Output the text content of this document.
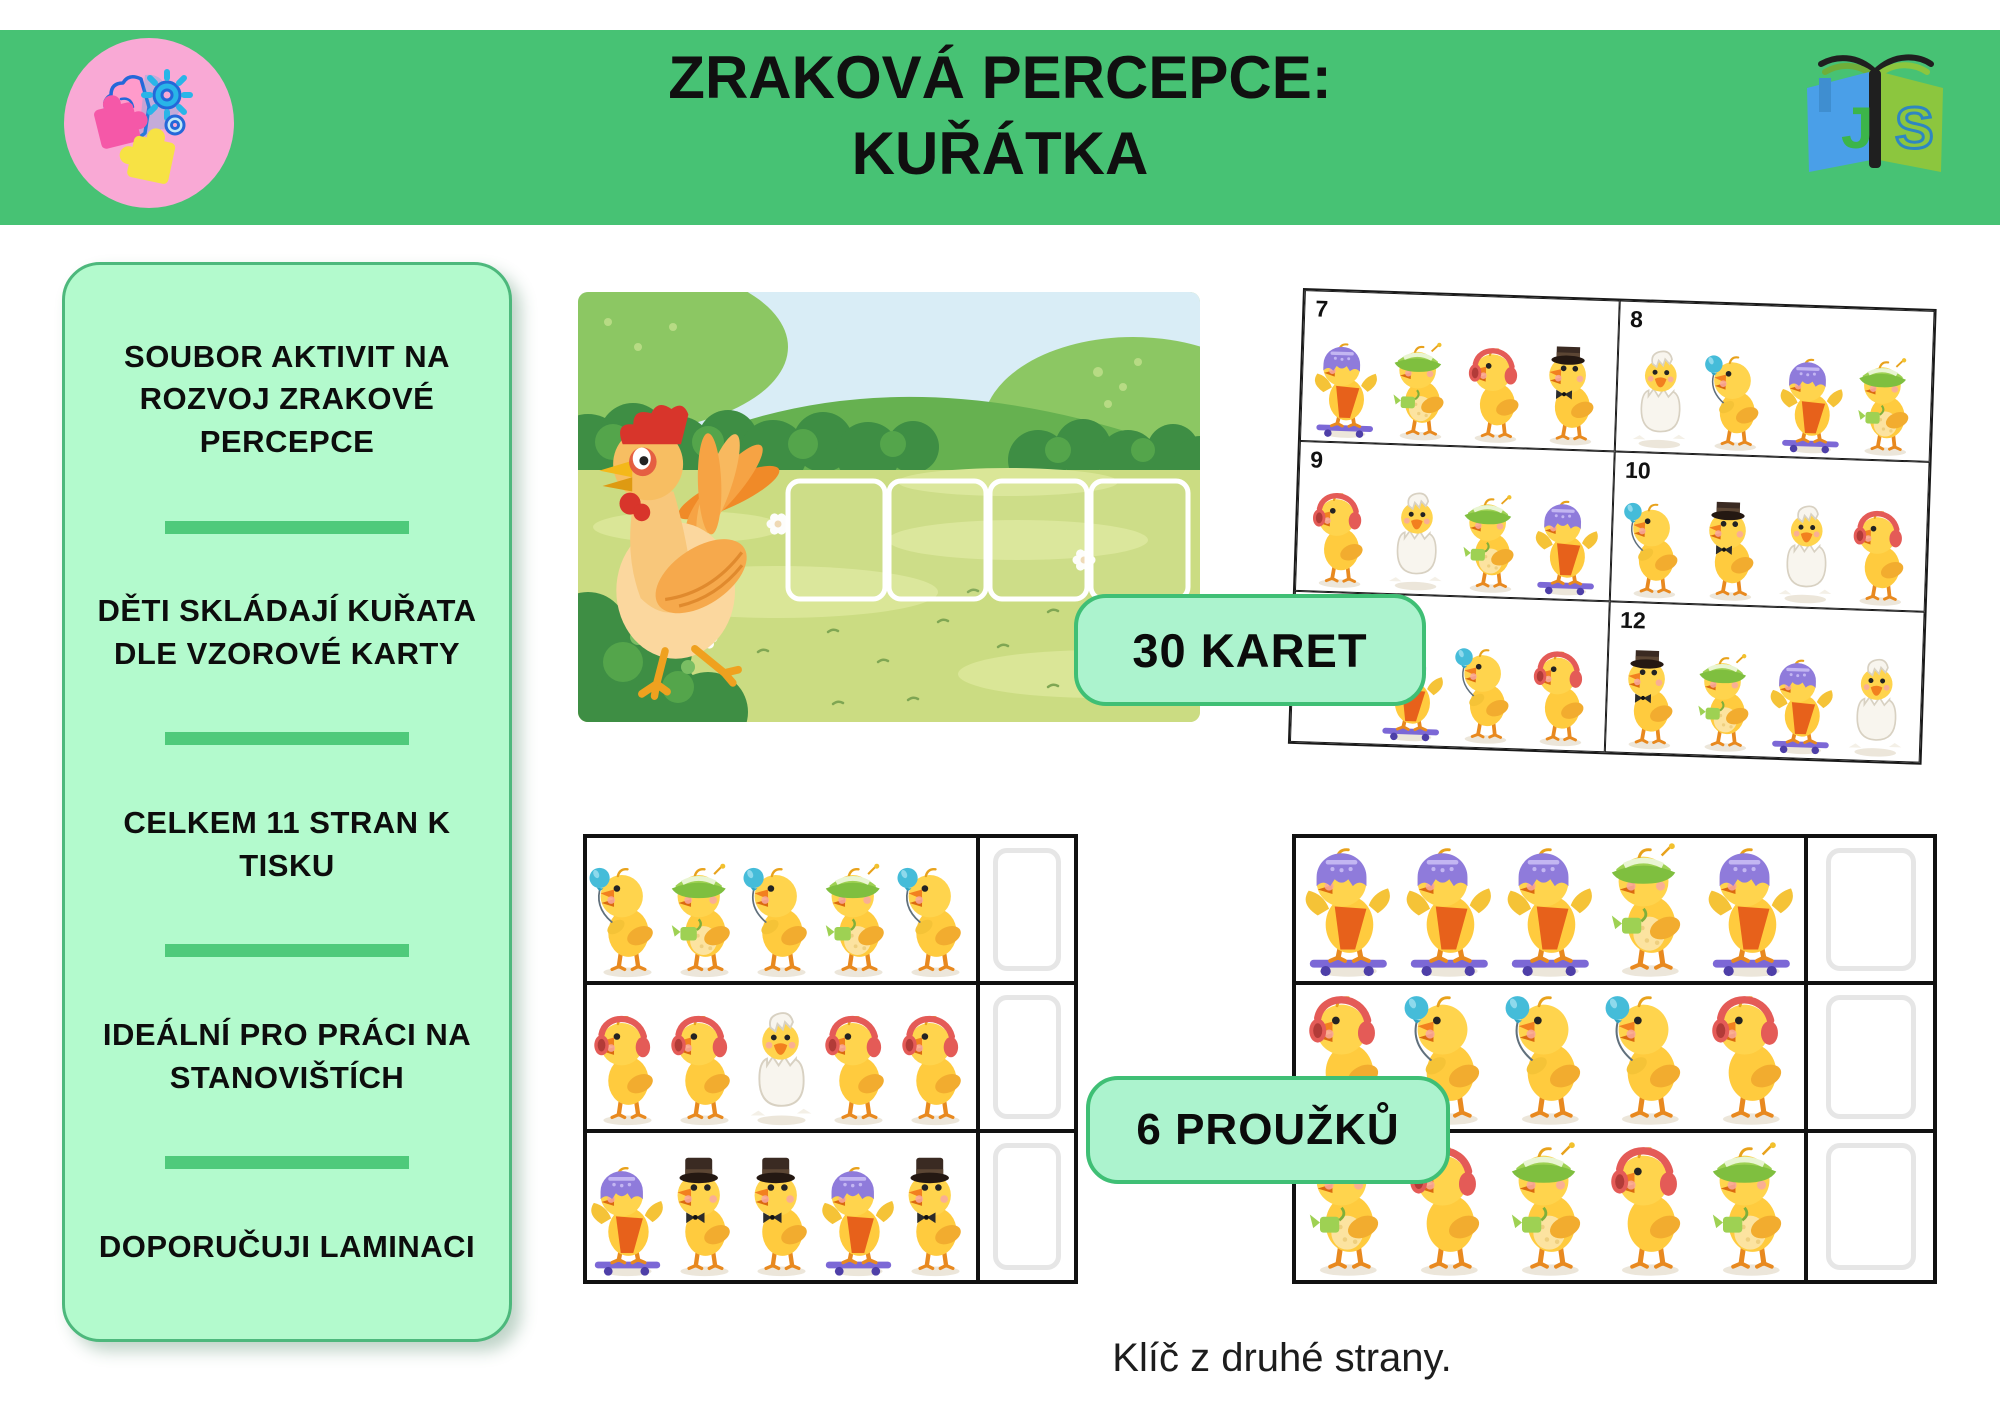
ZRAKOVÁ PERCEPCE:
KUŘÁTKA	J S
SOUBOR AKTIVIT NA ROZVOJ ZRAKOVÉ PERCEPCE
DĚTI SKLÁDAJÍ KUŘATA DLE VZOROVÉ KARTY
CELKEM 11 STRAN K TISKU
IDEÁLNÍ PRO PRÁCI NA STANOVIŠTÍCH
DOPORUČUJI LAMINACI
7	8
9	10
12
30 KARET
6 PROUŽKŮ
Klíč z druhé strany.
